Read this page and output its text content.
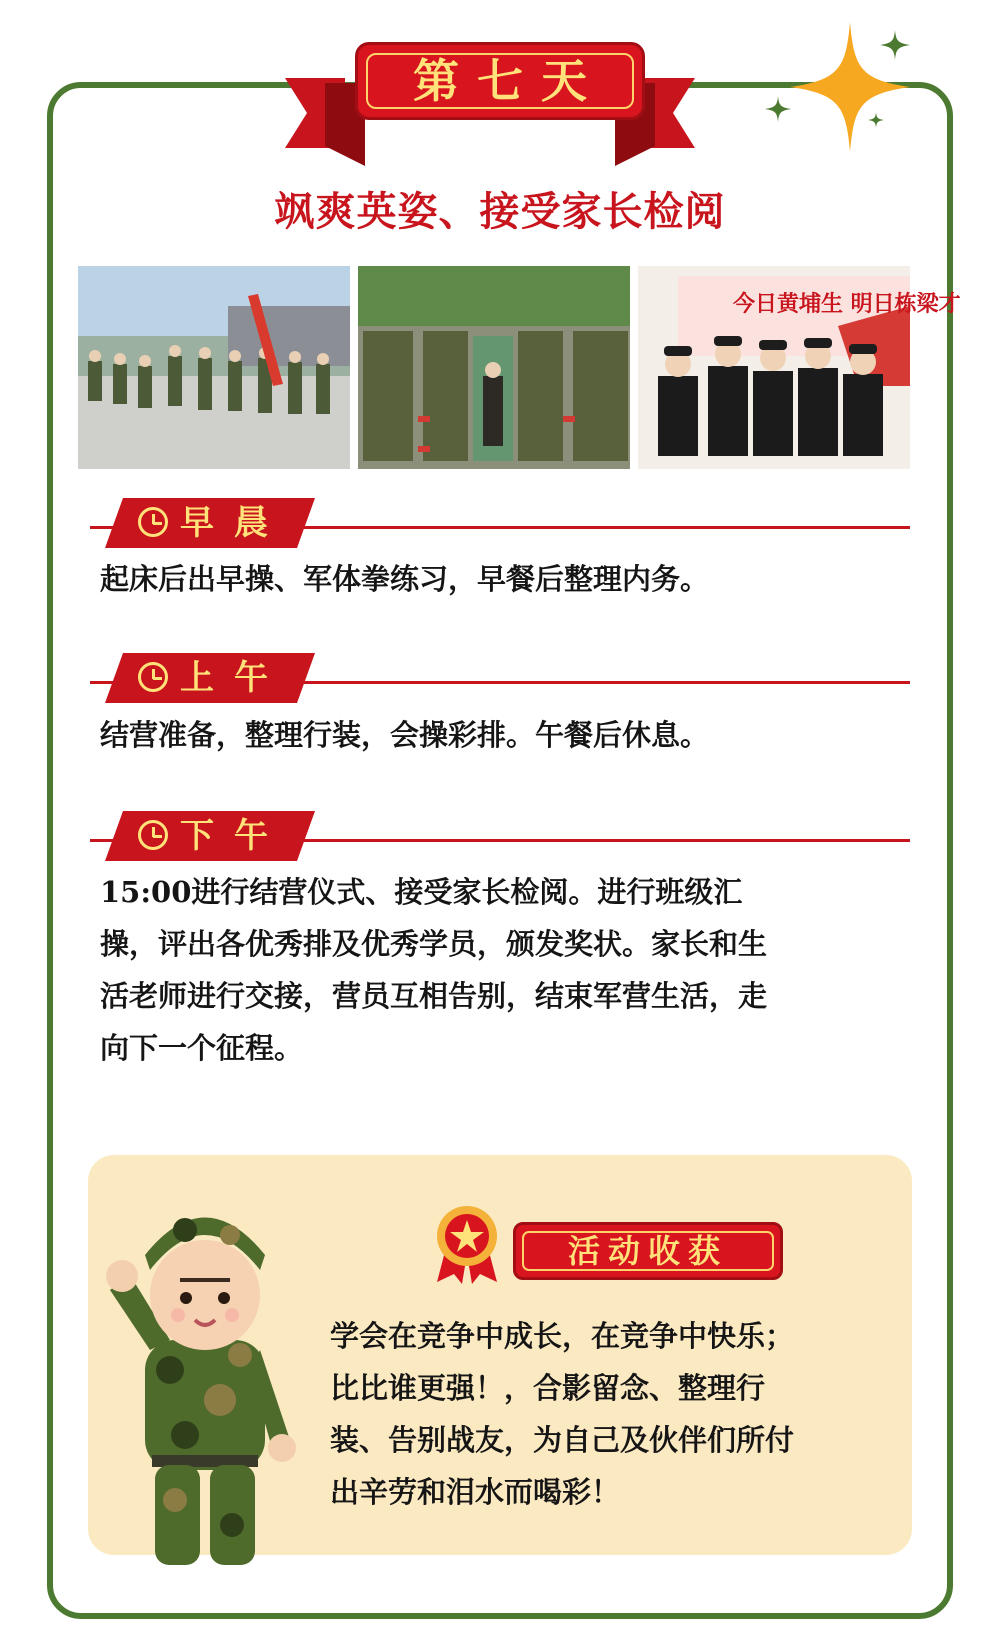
第七天
飒爽英姿、接受家长检阅
今日黄埔生 明日栋梁才
早晨
起床后出早操、军体拳练习，早餐后整理内务。
上午
结营准备，整理行装，会操彩排。午餐后休息。
下午
15:00进行结营仪式、接受家长检阅。进行班级汇
操，评出各优秀排及优秀学员，颁发奖状。家长和生
活老师进行交接，营员互相告别，结束军营生活，走
向下一个征程。
活动收获
学会在竞争中成长，在竞争中快乐；
比比谁更强！，合影留念、整理行
装、告别战友，为自己及伙伴们所付
出辛劳和泪水而喝彩！
